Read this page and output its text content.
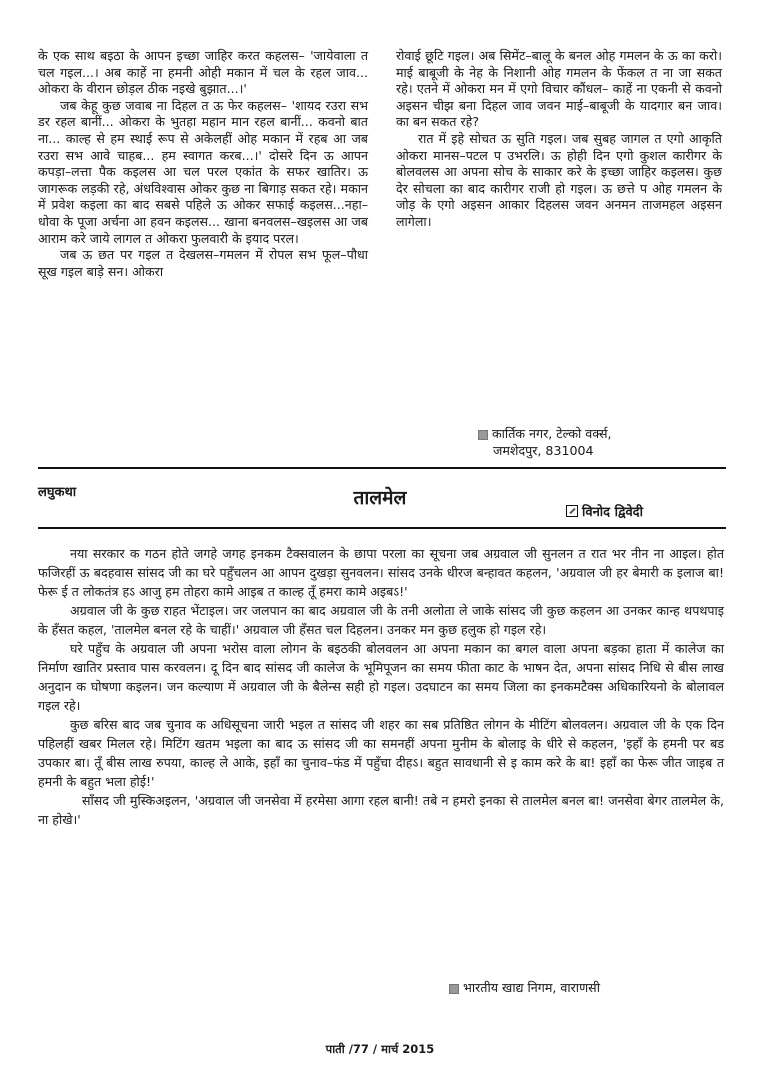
के एक साथ बइठा के आपन इच्छा जाहिर करत कहलस– 'जायेवाला त चल गइल...। अब काहें ना हमनी ओही मकान में चल के रहल जाव... ओकरा के वीरान छोड़ल ठीक नइखे बुझात...।'

जब केहू कुछ जवाब ना दिहल त ऊ फेर कहलस– 'शायद रउरा सभ डर रहल बानीं... ओकरा के भुतहा महान मान रहल बानीं... कवनो बात ना... काल्ह से हम स्थाई रूप से अकेलहीं ओह मकान में रहब आ जब रउरा सभ आवे चाहब... हम स्वागत करब...।' दोसरे दिन ऊ आपन कपड़ा–लत्ता पैक कइलस आ चल परल एकांत के सफर खातिर। ऊ जागरूक लड़की रहे, अंधविश्वास ओकर कुछ ना बिगाड़ सकत रहे। मकान में प्रवेश कइला का बाद सबसे पहिले ऊ ओकर सफाई कइलस...नहा–धोवा के पूजा अर्चना आ हवन कइलस... खाना बनवलस–खइलस आ जब आराम करे जाये लागल त ओकरा फुलवारी के इयाद परल।

जब ऊ छत पर गइल त देखलस–गमलन में रोपल सभ फूल–पौधा सूख गइल बाड़े सन। ओकरा

रोवाई छूटि गइल। अब सिमेंट–बालू के बनल ओह गमलन के ऊ का करो। माई बाबूजी के नेह के निशानी ओह गमलन के फेंकल त ना जा सकत रहे। एतने में ओकरा मन में एगो विचार कौंधल– काहें ना एकनी से कवनो अइसन चीझ बना दिहल जाव जवन माई–बाबूजी के यादगार बन जाव। का बन सकत रहे?

रात में इहे सोचत ऊ सुति गइल। जब सुबह जागल त एगो आकृति ओकरा मानस–पटल प उभरलि। ऊ होही दिन एगो कुशल कारीगर के बोलवलस आ अपना सोच के साकार करे के इच्छा जाहिर कइलस। कुछ देर सोचला का बाद कारीगर राजी हो गइल। ऊ छत्ते प ओह गमलन के जोड़ के एगो अइसन आकार दिहलस जवन अनमन ताजमहल अइसन लागेला।

कार्तिक नगर, टेल्को वर्क्स,
जमशेदपुर, 831004
लघुकथा	तालमेल
विनोद द्विवेदी

नया सरकार क गठन होते जगहे जगह इनकम टैक्सवालन के छापा परला का सूचना जब अग्रवाल जी सुनलन त रात भर नीन ना आइल। होत फजिरहीं ऊ बदहवास सांसद जी का घरे पहुँचलन आ आपन दुखड़ा सुनवलन। सांसद उनके धीरज बन्हावत कहलन, 'अग्रवाल जी हर बेमारी क इलाज बा! फेरू ई त लोकतंत्र हऽ आजु हम तोहरा कामे आइब त काल्ह तूँ हमरा कामे अइबऽ!'

अग्रवाल जी के कुछ राहत भेंटाइल। जर जलपान का बाद अग्रवाल जी के तनी अलोता ले जाके सांसद जी कुछ कहलन आ उनकर कान्ह थपथपाइ के हँसत कहल, 'तालमेल बनल रहे के चाहीं।' अग्रवाल जी हँसत चल दिहलन। उनकर मन कुछ हलुक हो गइल रहे।

घरे पहुँच के अग्रवाल जी अपना भरोस वाला लोगन के बइठकी बोलवलन आ अपना मकान का बगल वाला अपना बड़का हाता में कालेज का निर्माण खातिर प्रस्ताव पास करवलन। दू दिन बाद सांसद जी कालेज के भूमिपूजन का समय फीता काट के भाषन देत, अपना सांसद निधि से बीस लाख अनुदान क घोषणा कइलन। जन कल्याण में अग्रवाल जी के बैलेन्स सही हो गइल। उदघाटन का समय जिला का इनकमटैक्स अधिकारियनो के बोलावल गइल रहे।

कुछ बरिस बाद जब चुनाव क अधिसूचना जारी भइल त सांसद जी शहर का सब प्रतिष्ठित लोगन के मीटिंग बोलवलन। अग्रवाल जी के एक दिन पहिलहीं खबर मिलल रहे। मिटिंग खतम भइला का बाद ऊ सांसद जी का समनहीं अपना मुनीम के बोलाइ के धीरे से कहलन, 'इहाँ के हमनी पर बड उपकार बा। तूँ बीस लाख रुपया, काल्ह ले आके, इहाँ का चुनाव–फंड में पहुँचा दीहऽ। बहुत सावधानी से इ काम करे के बा! इहाँ का फेरू जीत जाइब त हमनी के बहुत भला होई!'

साँसद जी मुस्किअइलन, 'अग्रवाल जी जनसेवा में हरमेसा आगा रहल बानी! तबे न हमरो इनका से तालमेल बनल बा! जनसेवा बेगर तालमेल के, ना होखे।'

भारतीय खाद्य निगम, वाराणसी
पाती /77 / मार्च 2015
